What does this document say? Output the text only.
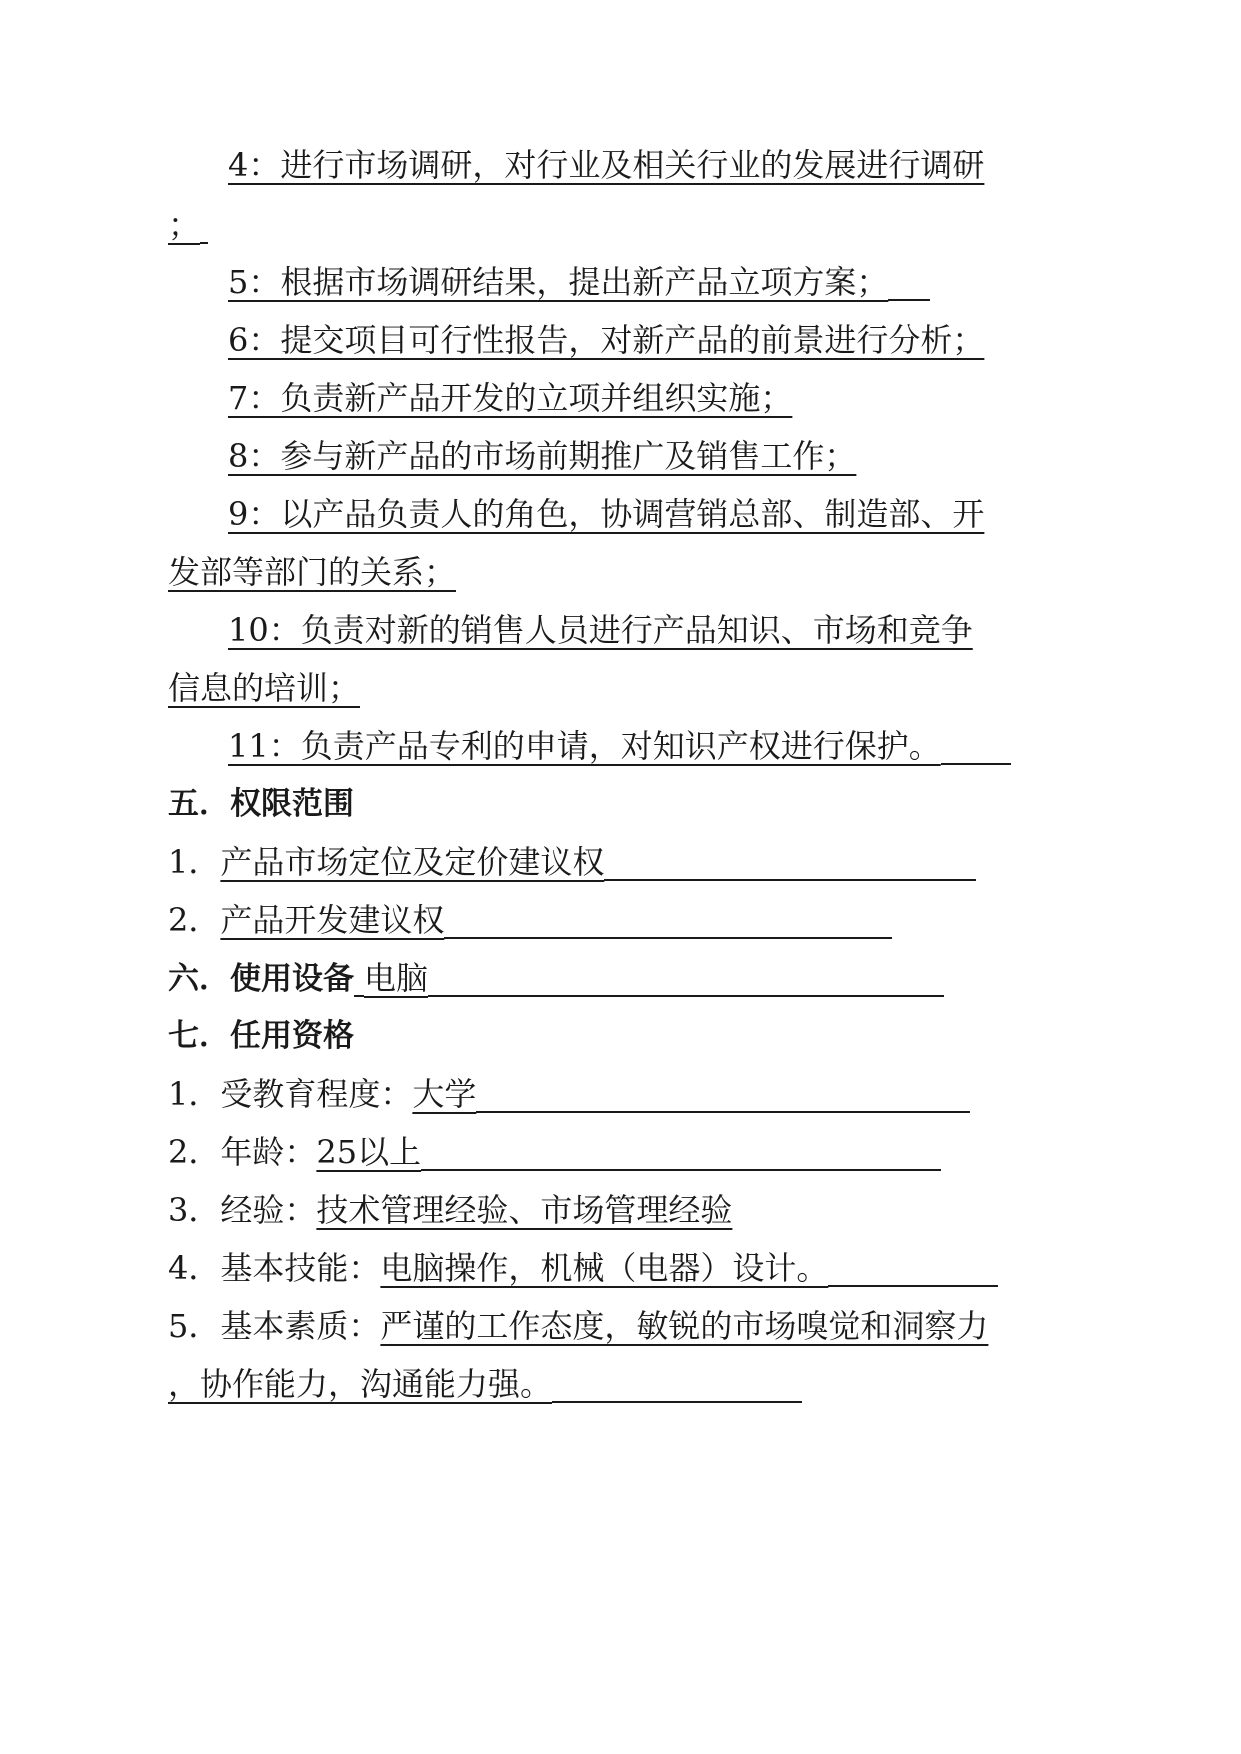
4：进行市场调研，对行业及相关行业的发展进行调研
；
5：根据市场调研结果，提出新产品立项方案；
6：提交项目可行性报告，对新产品的前景进行分析；
7：负责新产品开发的立项并组织实施；
8：参与新产品的市场前期推广及销售工作；
9：以产品负责人的角色，协调营销总部、制造部、开
发部等部门的关系；
10：负责对新的销售人员进行产品知识、市场和竞争
信息的培训；
11：负责产品专利的申请，对知识产权进行保护。
五．权限范围
1．产品市场定位及定价建议权
2．产品开发建议权
六．使用设备 电脑
七．任用资格
1．受教育程度：大学
2．年龄：25以上
3．经验：技术管理经验、市场管理经验
4．基本技能：电脑操作，机械（电器）设计。
5．基本素质：严谨的工作态度，敏锐的市场嗅觉和洞察力
，协作能力，沟通能力强。
